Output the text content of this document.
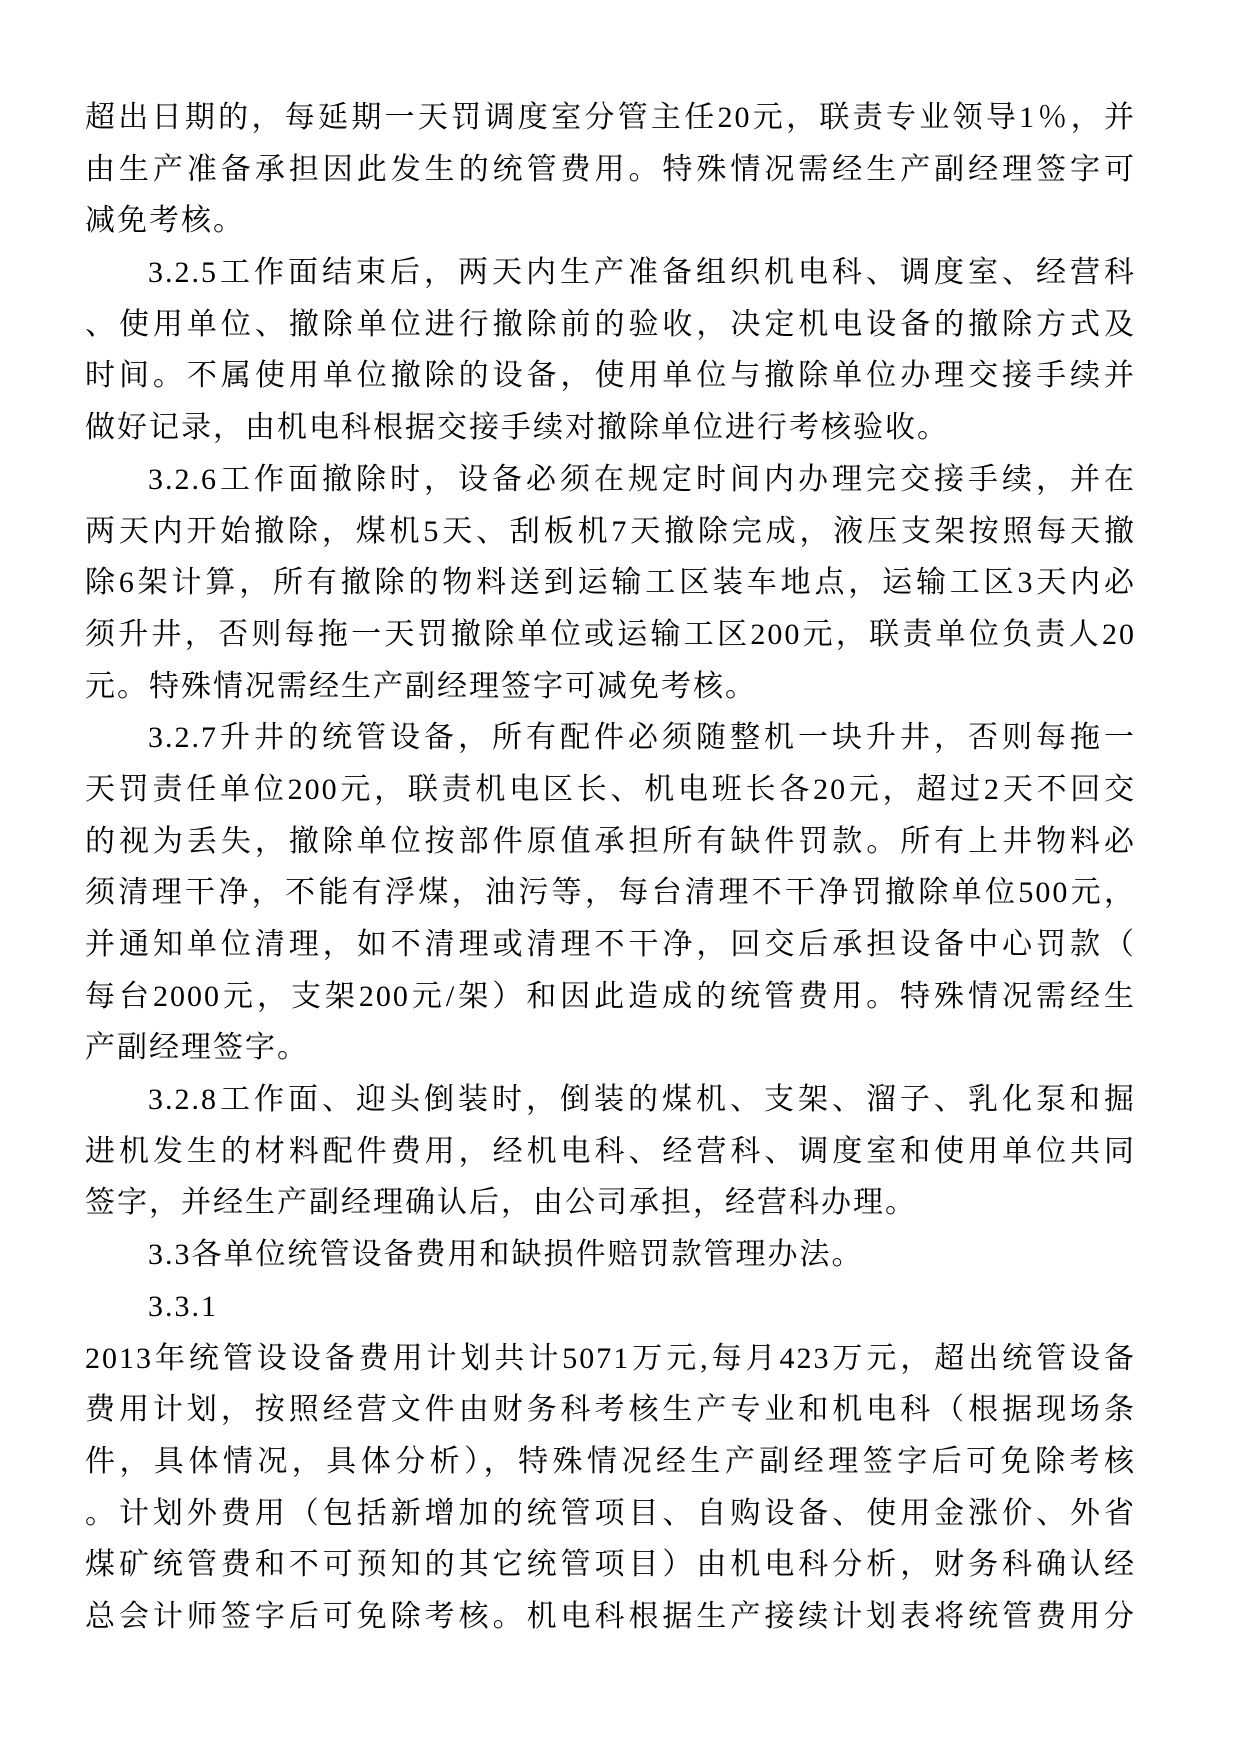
超出日期的，每延期一天罚调度室分管主任20元，联责专业领导1％，并
由生产准备承担因此发生的统管费用。特殊情况需经生产副经理签字可
减免考核。
3.2.5工作面结束后，两天内生产准备组织机电科、调度室、经营科
、使用单位、撤除单位进行撤除前的验收，决定机电设备的撤除方式及
时间。不属使用单位撤除的设备，使用单位与撤除单位办理交接手续并
做好记录，由机电科根据交接手续对撤除单位进行考核验收。
3.2.6工作面撤除时，设备必须在规定时间内办理完交接手续，并在
两天内开始撤除，煤机5天、刮板机7天撤除完成，液压支架按照每天撤
除6架计算，所有撤除的物料送到运输工区装车地点，运输工区3天内必
须升井，否则每拖一天罚撤除单位或运输工区200元，联责单位负责人20
元。特殊情况需经生产副经理签字可减免考核。
3.2.7升井的统管设备，所有配件必须随整机一块升井，否则每拖一
天罚责任单位200元，联责机电区长、机电班长各20元，超过2天不回交
的视为丢失，撤除单位按部件原值承担所有缺件罚款。所有上井物料必
须清理干净，不能有浮煤，油污等，每台清理不干净罚撤除单位500元，
并通知单位清理，如不清理或清理不干净，回交后承担设备中心罚款（
每台2000元，支架200元/架）和因此造成的统管费用。特殊情况需经生
产副经理签字。
3.2.8工作面、迎头倒装时，倒装的煤机、支架、溜子、乳化泵和掘
进机发生的材料配件费用，经机电科、经营科、调度室和使用单位共同
签字，并经生产副经理确认后，由公司承担，经营科办理。
3.3各单位统管设备费用和缺损件赔罚款管理办法。
3.3.1
2013年统管设设备费用计划共计5071万元,每月423万元，超出统管设备
费用计划，按照经营文件由财务科考核生产专业和机电科（根据现场条
件，具体情况，具体分析），特殊情况经生产副经理签字后可免除考核
。计划外费用（包括新增加的统管项目、自购设备、使用金涨价、外省
煤矿统管费和不可预知的其它统管项目）由机电科分析，财务科确认经
总会计师签字后可免除考核。机电科根据生产接续计划表将统管费用分
